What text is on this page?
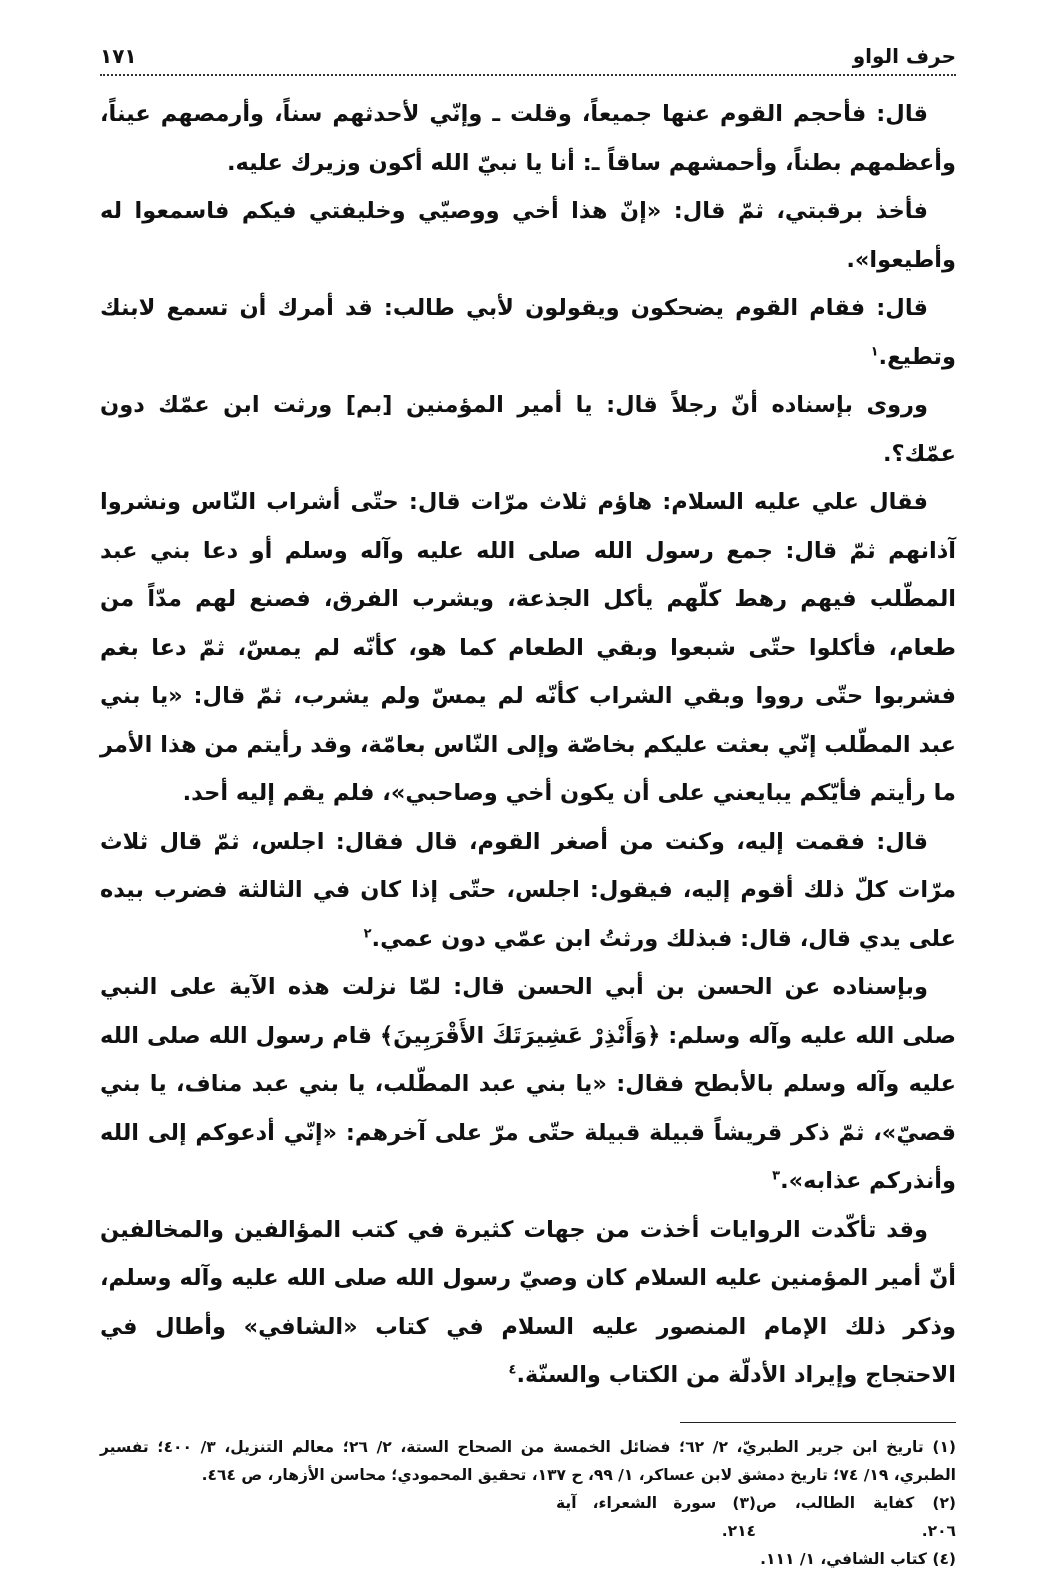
حرف الواو
١٧١

قال: فأحجم القوم عنها جميعاً، وقلت ـ وإنّي لأحدثهم سناً، وأرمصهم عيناً، وأعظمهم بطناً، وأحمشهم ساقاً ـ: أنا يا نبيّ الله أكون وزيرك عليه.

فأخذ برقبتي، ثمّ قال: «إنّ هذا أخي ووصيّي وخليفتي فيكم فاسمعوا له وأطيعوا».

قال: فقام القوم يضحكون ويقولون لأبي طالب: قد أمرك أن تسمع لابنك وتطيع.$^١$

وروى بإسناده أنّ رجلاً قال: يا أمير المؤمنين [بم] ورثت ابن عمّك دون عمّك؟.

فقال علي عليه السلام: هاؤم ثلاث مرّات قال: حتّى أشراب النّاس ونشروا آذانهم ثمّ قال: جمع رسول الله صلى الله عليه وآله وسلم أو دعا بني عبد المطّلب فيهم رهط كلّهم يأكل الجذعة، ويشرب الفرق، فصنع لهم مدّاً من طعام، فأكلوا حتّى شبعوا وبقي الطعام كما هو، كأنّه لم يمسّ، ثمّ دعا بغم فشربوا حتّى رووا وبقي الشراب كأنّه لم يمسّ ولم يشرب، ثمّ قال: «يا بني عبد المطّلب إنّي بعثت عليكم بخاصّة وإلى النّاس بعامّة، وقد رأيتم من هذا الأمر ما رأيتم فأيّكم يبايعني على أن يكون أخي وصاحبي»، فلم يقم إليه أحد.

قال: فقمت إليه، وكنت من أصغر القوم، قال فقال: اجلس، ثمّ قال ثلاث مرّات كلّ ذلك أقوم إليه، فيقول: اجلس، حتّى إذا كان في الثالثة فضرب بيده على يدي قال، قال: فبذلك ورثتُ ابن عمّي دون عمي.$^٢$

وبإسناده عن الحسن بن أبي الحسن قال: لمّا نزلت هذه الآية على النبي صلى الله عليه وآله وسلم: ﴿وَأَنْذِرْ عَشِيرَتَكَ الأَقْرَبِينَ﴾ قام رسول الله صلى الله عليه وآله وسلم بالأبطح فقال: «يا بني عبد المطّلب، يا بني عبد مناف، يا بني قصيّ»، ثمّ ذكر قريشاً قبيلة قبيلة حتّى مرّ على آخرهم: «إنّي أدعوكم إلى الله وأنذركم عذابه».$^٣$

وقد تأكّدت الروايات أخذت من جهات كثيرة في كتب المؤالفين والمخالفين أنّ أمير المؤمنين عليه السلام كان وصيّ رسول الله صلى الله عليه وآله وسلم، وذكر ذلك الإمام المنصور عليه السلام في كتاب «الشافي» وأطال في الاحتجاج وإيراد الأدلّة من الكتاب والسنّة.$^٤$

(١) تاريخ ابن جرير الطبريّ، ٢/ ٦٢؛ فضائل الخمسة من الصحاح الستة، ٢/ ٢٦؛ معالم التنزيل، ٣/ ٤٠٠؛ تفسير الطبري، ١٩/ ٧٤؛ تاريخ دمشق لابن عساكر، ١/ ٩٩، ح ١٣٧، تحقيق المحمودي؛ محاسن الأزهار، ص ٤٦٤.

(٢) كفاية الطالب، ص ٢٠٦.

(٣) سورة الشعراء، آية ٢١٤.

(٤) كتاب الشافي، ١/ ١١١.
